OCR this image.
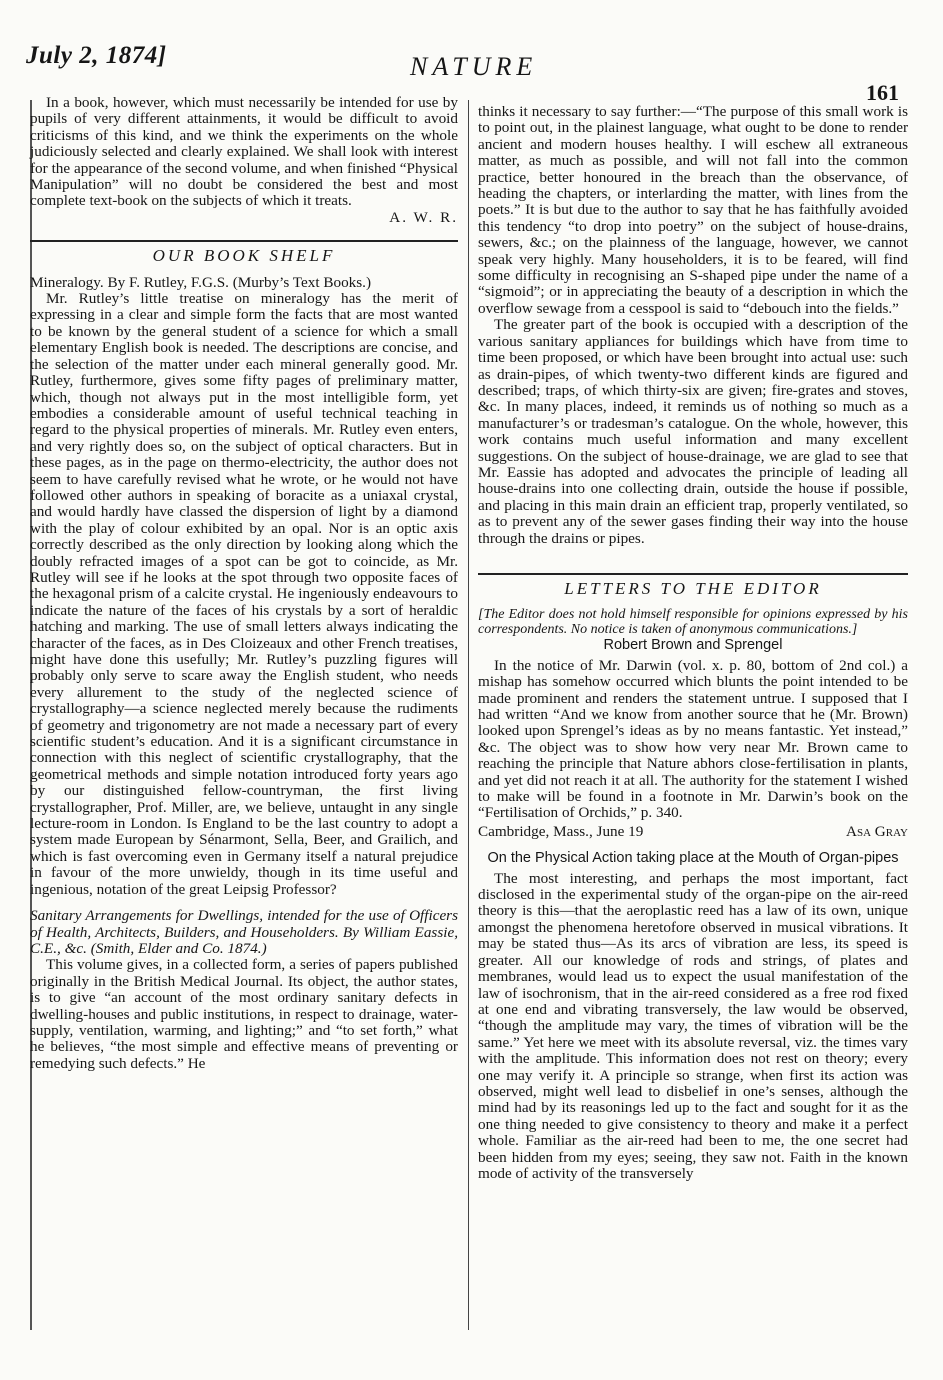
July 2, 1874]	NATURE
161

In a book, however, which must necessarily be intended for use by pupils of very different attainments, it would be difficult to avoid criticisms of this kind, and we think the experiments on the whole judiciously selected and clearly explained. We shall look with interest for the appearance of the second volume, and when finished “Physical Manipulation” will no doubt be considered the best and most complete text-book on the subjects of which it treats.

A. W. R.
OUR BOOK SHELF

Mineralogy. By F. Rutley, F.G.S. (Murby’s Text Books.)

Mr. Rutley’s little treatise on mineralogy has the merit of expressing in a clear and simple form the facts that are most wanted to be known by the general student of a science for which a small elementary English book is needed. The descriptions are concise, and the selection of the matter under each mineral generally good. Mr. Rutley, furthermore, gives some fifty pages of preliminary matter, which, though not always put in the most intelligible form, yet embodies a considerable amount of useful technical teaching in regard to the physical properties of minerals. Mr. Rutley even enters, and very rightly does so, on the subject of optical characters. But in these pages, as in the page on thermo-electricity, the author does not seem to have carefully revised what he wrote, or he would not have followed other authors in speaking of boracite as a uniaxal crystal, and would hardly have classed the dispersion of light by a diamond with the play of colour exhibited by an opal. Nor is an optic axis correctly described as the only direction by looking along which the doubly refracted images of a spot can be got to coincide, as Mr. Rutley will see if he looks at the spot through two opposite faces of the hexagonal prism of a calcite crystal. He ingeniously endeavours to indicate the nature of the faces of his crystals by a sort of heraldic hatching and marking. The use of small letters always indicating the character of the faces, as in Des Cloizeaux and other French treatises, might have done this usefully; Mr. Rutley’s puzzling figures will probably only serve to scare away the English student, who needs every allurement to the study of the neglected science of crystallography—a science neglected merely because the rudiments of geometry and trigonometry are not made a necessary part of every scientific student’s education. And it is a significant circumstance in connection with this neglect of scientific crystallography, that the geometrical methods and simple notation introduced forty years ago by our distinguished fellow-countryman, the first living crystallographer, Prof. Miller, are, we believe, untaught in any single lecture-room in London. Is England to be the last country to adopt a system made European by Sénarmont, Sella, Beer, and Grailich, and which is fast overcoming even in Germany itself a natural prejudice in favour of the more unwieldy, though in its time useful and ingenious, notation of the great Leipsig Professor?

Sanitary Arrangements for Dwellings, intended for the use of Officers of Health, Architects, Builders, and Householders. By William Eassie, C.E., &c. (Smith, Elder and Co. 1874.)

This volume gives, in a collected form, a series of papers published originally in the British Medical Journal. Its object, the author states, is to give “an account of the most ordinary sanitary defects in dwelling-houses and public institutions, in respect to drainage, water-supply, ventilation, warming, and lighting;” and “to set forth,” what he believes, “the most simple and effective means of preventing or remedying such defects.” He

thinks it necessary to say further:—“The purpose of this small work is to point out, in the plainest language, what ought to be done to render ancient and modern houses healthy. I will eschew all extraneous matter, as much as possible, and will not fall into the common practice, better honoured in the breach than the observance, of heading the chapters, or interlarding the matter, with lines from the poets.” It is but due to the author to say that he has faithfully avoided this tendency “to drop into poetry” on the subject of house-drains, sewers, &c.; on the plainness of the language, however, we cannot speak very highly. Many householders, it is to be feared, will find some difficulty in recognising an S-shaped pipe under the name of a “sigmoid”; or in appreciating the beauty of a description in which the overflow sewage from a cesspool is said to “debouch into the fields.”

The greater part of the book is occupied with a description of the various sanitary appliances for buildings which have from time to time been proposed, or which have been brought into actual use: such as drain-pipes, of which twenty-two different kinds are figured and described; traps, of which thirty-six are given; fire-grates and stoves, &c. In many places, indeed, it reminds us of nothing so much as a manufacturer’s or tradesman’s catalogue. On the whole, however, this work contains much useful information and many excellent suggestions. On the subject of house-drainage, we are glad to see that Mr. Eassie has adopted and advocates the principle of leading all house-drains into one collecting drain, outside the house if possible, and placing in this main drain an efficient trap, properly ventilated, so as to prevent any of the sewer gases finding their way into the house through the drains or pipes.

LETTERS TO THE EDITOR

[The Editor does not hold himself responsible for opinions expressed by his correspondents. No notice is taken of anonymous communications.]

Robert Brown and Sprengel

In the notice of Mr. Darwin (vol. x. p. 80, bottom of 2nd col.) a mishap has somehow occurred which blunts the point intended to be made prominent and renders the statement untrue. I supposed that I had written “And we know from another source that he (Mr. Brown) looked upon Sprengel’s ideas as by no means fantastic. Yet instead,” &c. The object was to show how very near Mr. Brown came to reaching the principle that Nature abhors close-fertilisation in plants, and yet did not reach it at all. The authority for the statement I wished to make will be found in a footnote in Mr. Darwin’s book on the “Fertilisation of Orchids,” p. 340.

Cambridge, Mass., June 19	Asa Gray
On the Physical Action taking place at the Mouth of Organ-pipes

The most interesting, and perhaps the most important, fact disclosed in the experimental study of the organ-pipe on the air-reed theory is this—that the aeroplastic reed has a law of its own, unique amongst the phenomena heretofore observed in musical vibrations. It may be stated thus—As its arcs of vibration are less, its speed is greater. All our knowledge of rods and strings, of plates and membranes, would lead us to expect the usual manifestation of the law of isochronism, that in the air-reed considered as a free rod fixed at one end and vibrating transversely, the law would be observed, “though the amplitude may vary, the times of vibration will be the same.” Yet here we meet with its absolute reversal, viz. the times vary with the amplitude. This information does not rest on theory; every one may verify it. A principle so strange, when first its action was observed, might well lead to disbelief in one’s senses, although the mind had by its reasonings led up to the fact and sought for it as the one thing needed to give consistency to theory and make it a perfect whole. Familiar as the air-reed had been to me, the one secret had been hidden from my eyes; seeing, they saw not. Faith in the known mode of activity of the transversely
